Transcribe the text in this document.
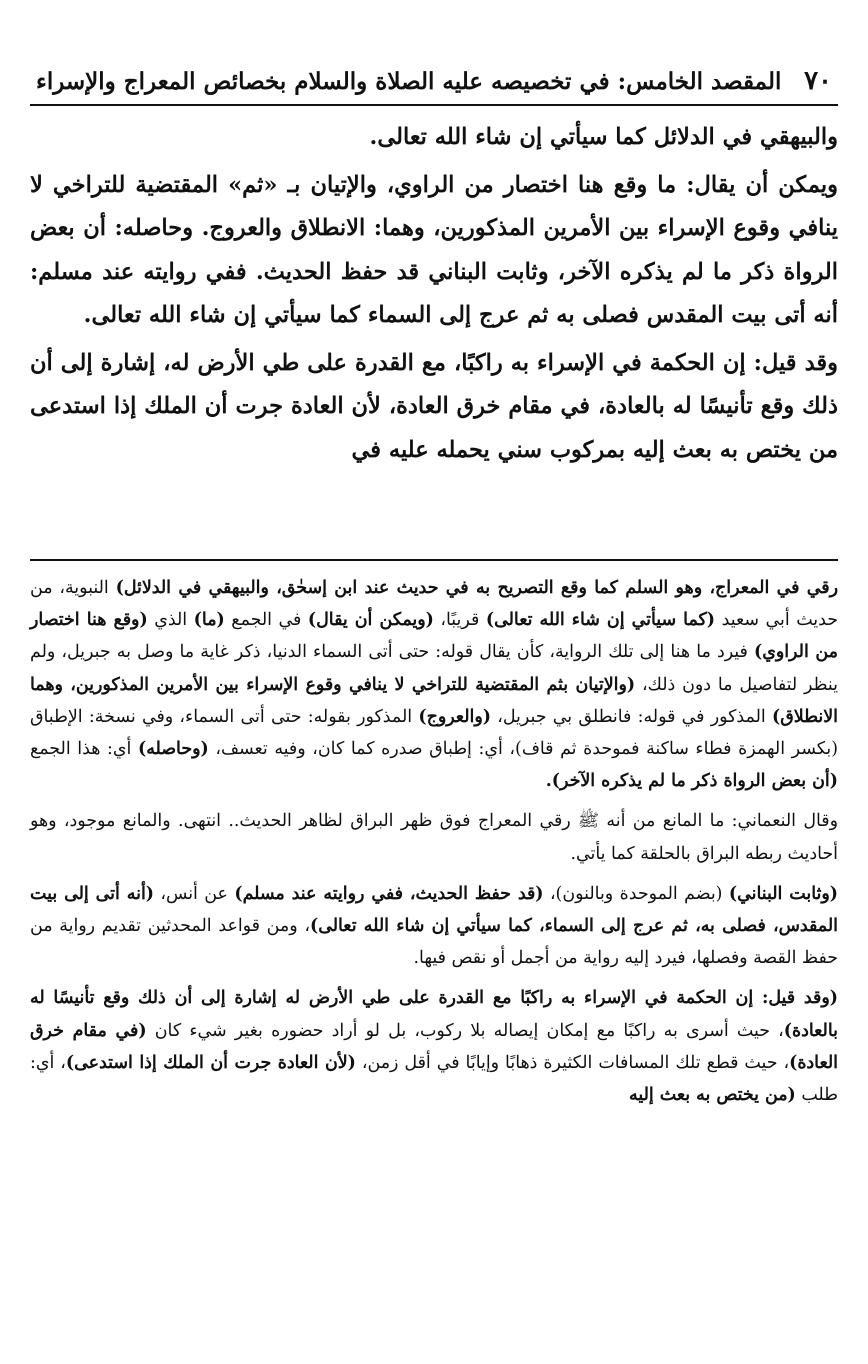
٧٠
المقصد الخامس: في تخصيصه عليه الصلاة والسلام بخصائص المعراج والإسراء

والبيهقي في الدلائل كما سيأتي إن شاء الله تعالى.

ويمكن أن يقال: ما وقع هنا اختصار من الراوي، والإتيان بـ «ثم» المقتضية للتراخي لا ينافي وقوع الإسراء بين الأمرين المذكورين، وهما: الانطلاق والعروج. وحاصله: أن بعض الرواة ذكر ما لم يذكره الآخر، وثابت البناني قد حفظ الحديث. ففي روايته عند مسلم: أنه أتى بيت المقدس فصلى به ثم عرج إلى السماء كما سيأتي إن شاء الله تعالى.

وقد قيل: إن الحكمة في الإسراء به راكبًا، مع القدرة على طي الأرض له، إشارة إلى أن ذلك وقع تأنيسًا له بالعادة، في مقام خرق العادة، لأن العادة جرت أن الملك إذا استدعى من يختص به بعث إليه بمركوب سني يحمله عليه في

رقي في المعراج، وهو السلم كما وقع التصريح به في حديث عند ابن إسحٰق، والبيهقي في الدلائل) النبوية، من حديث أبي سعيد (كما سيأتي إن شاء الله تعالى) قريبًا، (ويمكن أن يقال) في الجمع (ما) الذي (وقع هنا اختصار من الراوي) فيرد ما هنا إلى تلك الرواية، كأن يقال قوله: حتى أتى السماء الدنيا، ذكر غاية ما وصل به جبريل، ولم ينظر لتفاصيل ما دون ذلك، (والإتيان بثم المقتضية للتراخي لا ينافي وقوع الإسراء بين الأمرين المذكورين، وهما الانطلاق) المذكور في قوله: فانطلق بي جبريل، (والعروج) المذكور بقوله: حتى أتى السماء، وفي نسخة: الإطباق (بكسر الهمزة فطاء ساكنة فموحدة ثم قاف)، أي: إطباق صدره كما كان، وفيه تعسف، (وحاصله) أي: هذا الجمع (أن بعض الرواة ذكر ما لم يذكره الآخر).

وقال النعماني: ما المانع من أنه ﷺ رقي المعراج فوق ظهر البراق لظاهر الحديث.. انتهى. والمانع موجود، وهو أحاديث ربطه البراق بالحلقة كما يأتي.

(وثابت البناني) (بضم الموحدة وبالنون)، (قد حفظ الحديث، ففي روايته عند مسلم) عن أنس، (أنه أتى إلى بيت المقدس، فصلى به، ثم عرج إلى السماء، كما سيأتي إن شاء الله تعالى)، ومن قواعد المحدثين تقديم رواية من حفظ القصة وفصلها، فيرد إليه رواية من أجمل أو نقص فيها.

(وقد قيل: إن الحكمة في الإسراء به راكبًا مع القدرة على طي الأرض له إشارة إلى أن ذلك وقع تأنيسًا له بالعادة)، حيث أسرى به راكبًا مع إمكان إيصاله بلا ركوب، بل لو أراد حضوره بغير شيء كان (في مقام خرق العادة)، حيث قطع تلك المسافات الكثيرة ذهابًا وإيابًا في أقل زمن، (لأن العادة جرت أن الملك إذا استدعى)، أي: طلب (من يختص به بعث إليه
